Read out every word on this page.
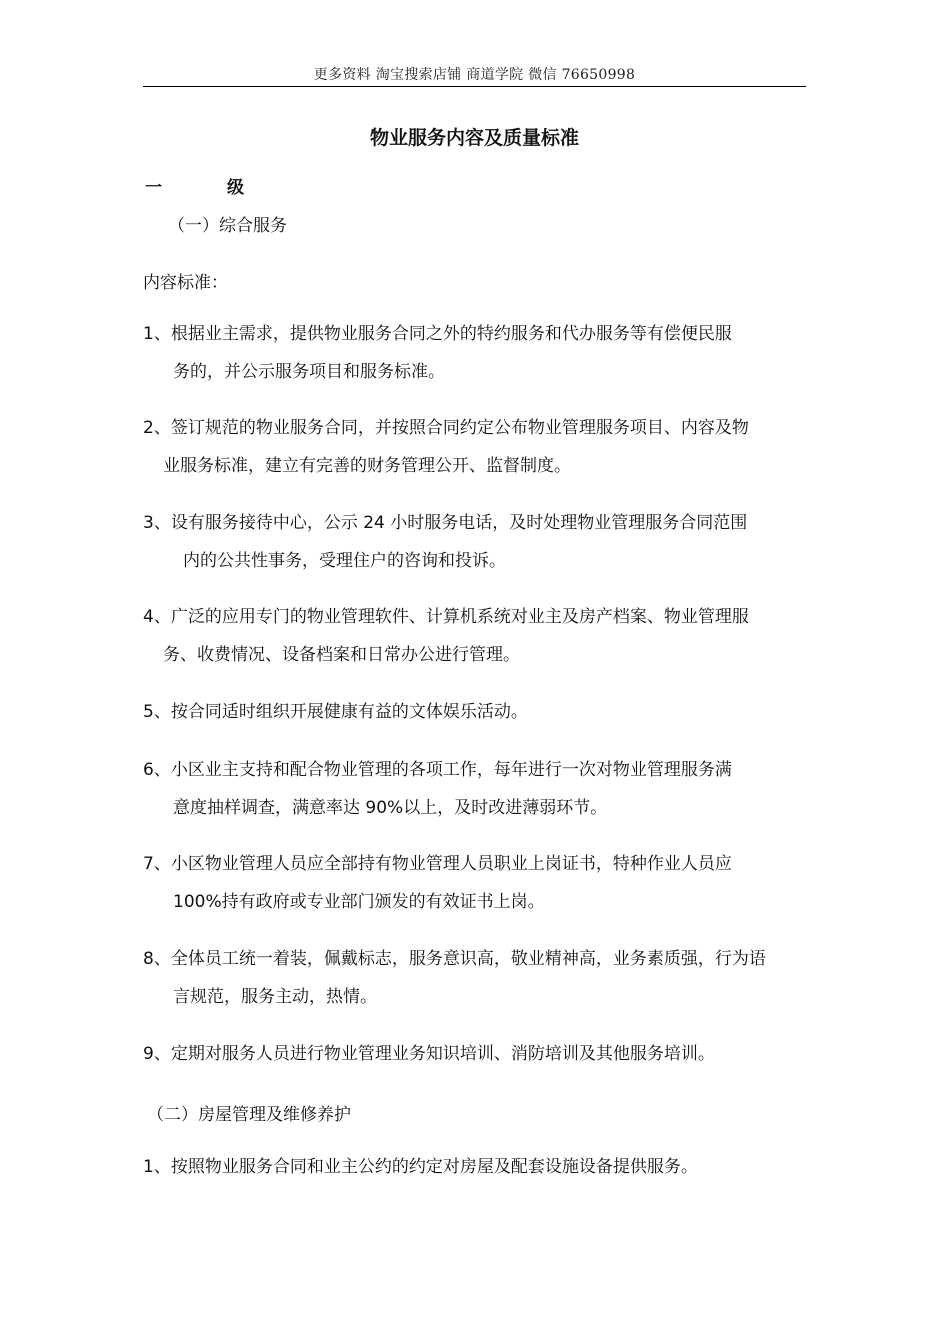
更多资料 淘宝搜索店铺 商道学院 微信 76650998
物业服务内容及质量标准
一	级
（一）综合服务
内容标准：
1、根据业主需求，提供物业服务合同之外的特约服务和代办服务等有偿便民服
务的，并公示服务项目和服务标准。
2、签订规范的物业服务合同，并按照合同约定公布物业管理服务项目、内容及物
业服务标准，建立有完善的财务管理公开、监督制度。
3、设有服务接待中心，公示 24 小时服务电话，及时处理物业管理服务合同范围
内的公共性事务，受理住户的咨询和投诉。
4、广泛的应用专门的物业管理软件、计算机系统对业主及房产档案、物业管理服
务、收费情况、设备档案和日常办公进行管理。
5、按合同适时组织开展健康有益的文体娱乐活动。
6、小区业主支持和配合物业管理的各项工作，每年进行一次对物业管理服务满
意度抽样调查，满意率达 90%以上，及时改进薄弱环节。
7、小区物业管理人员应全部持有物业管理人员职业上岗证书，特种作业人员应
100%持有政府或专业部门颁发的有效证书上岗。
8、全体员工统一着装，佩戴标志，服务意识高，敬业精神高，业务素质强，行为语
言规范，服务主动，热情。
9、定期对服务人员进行物业管理业务知识培训、消防培训及其他服务培训。
（二）房屋管理及维修养护
1、按照物业服务合同和业主公约的约定对房屋及配套设施设备提供服务。
